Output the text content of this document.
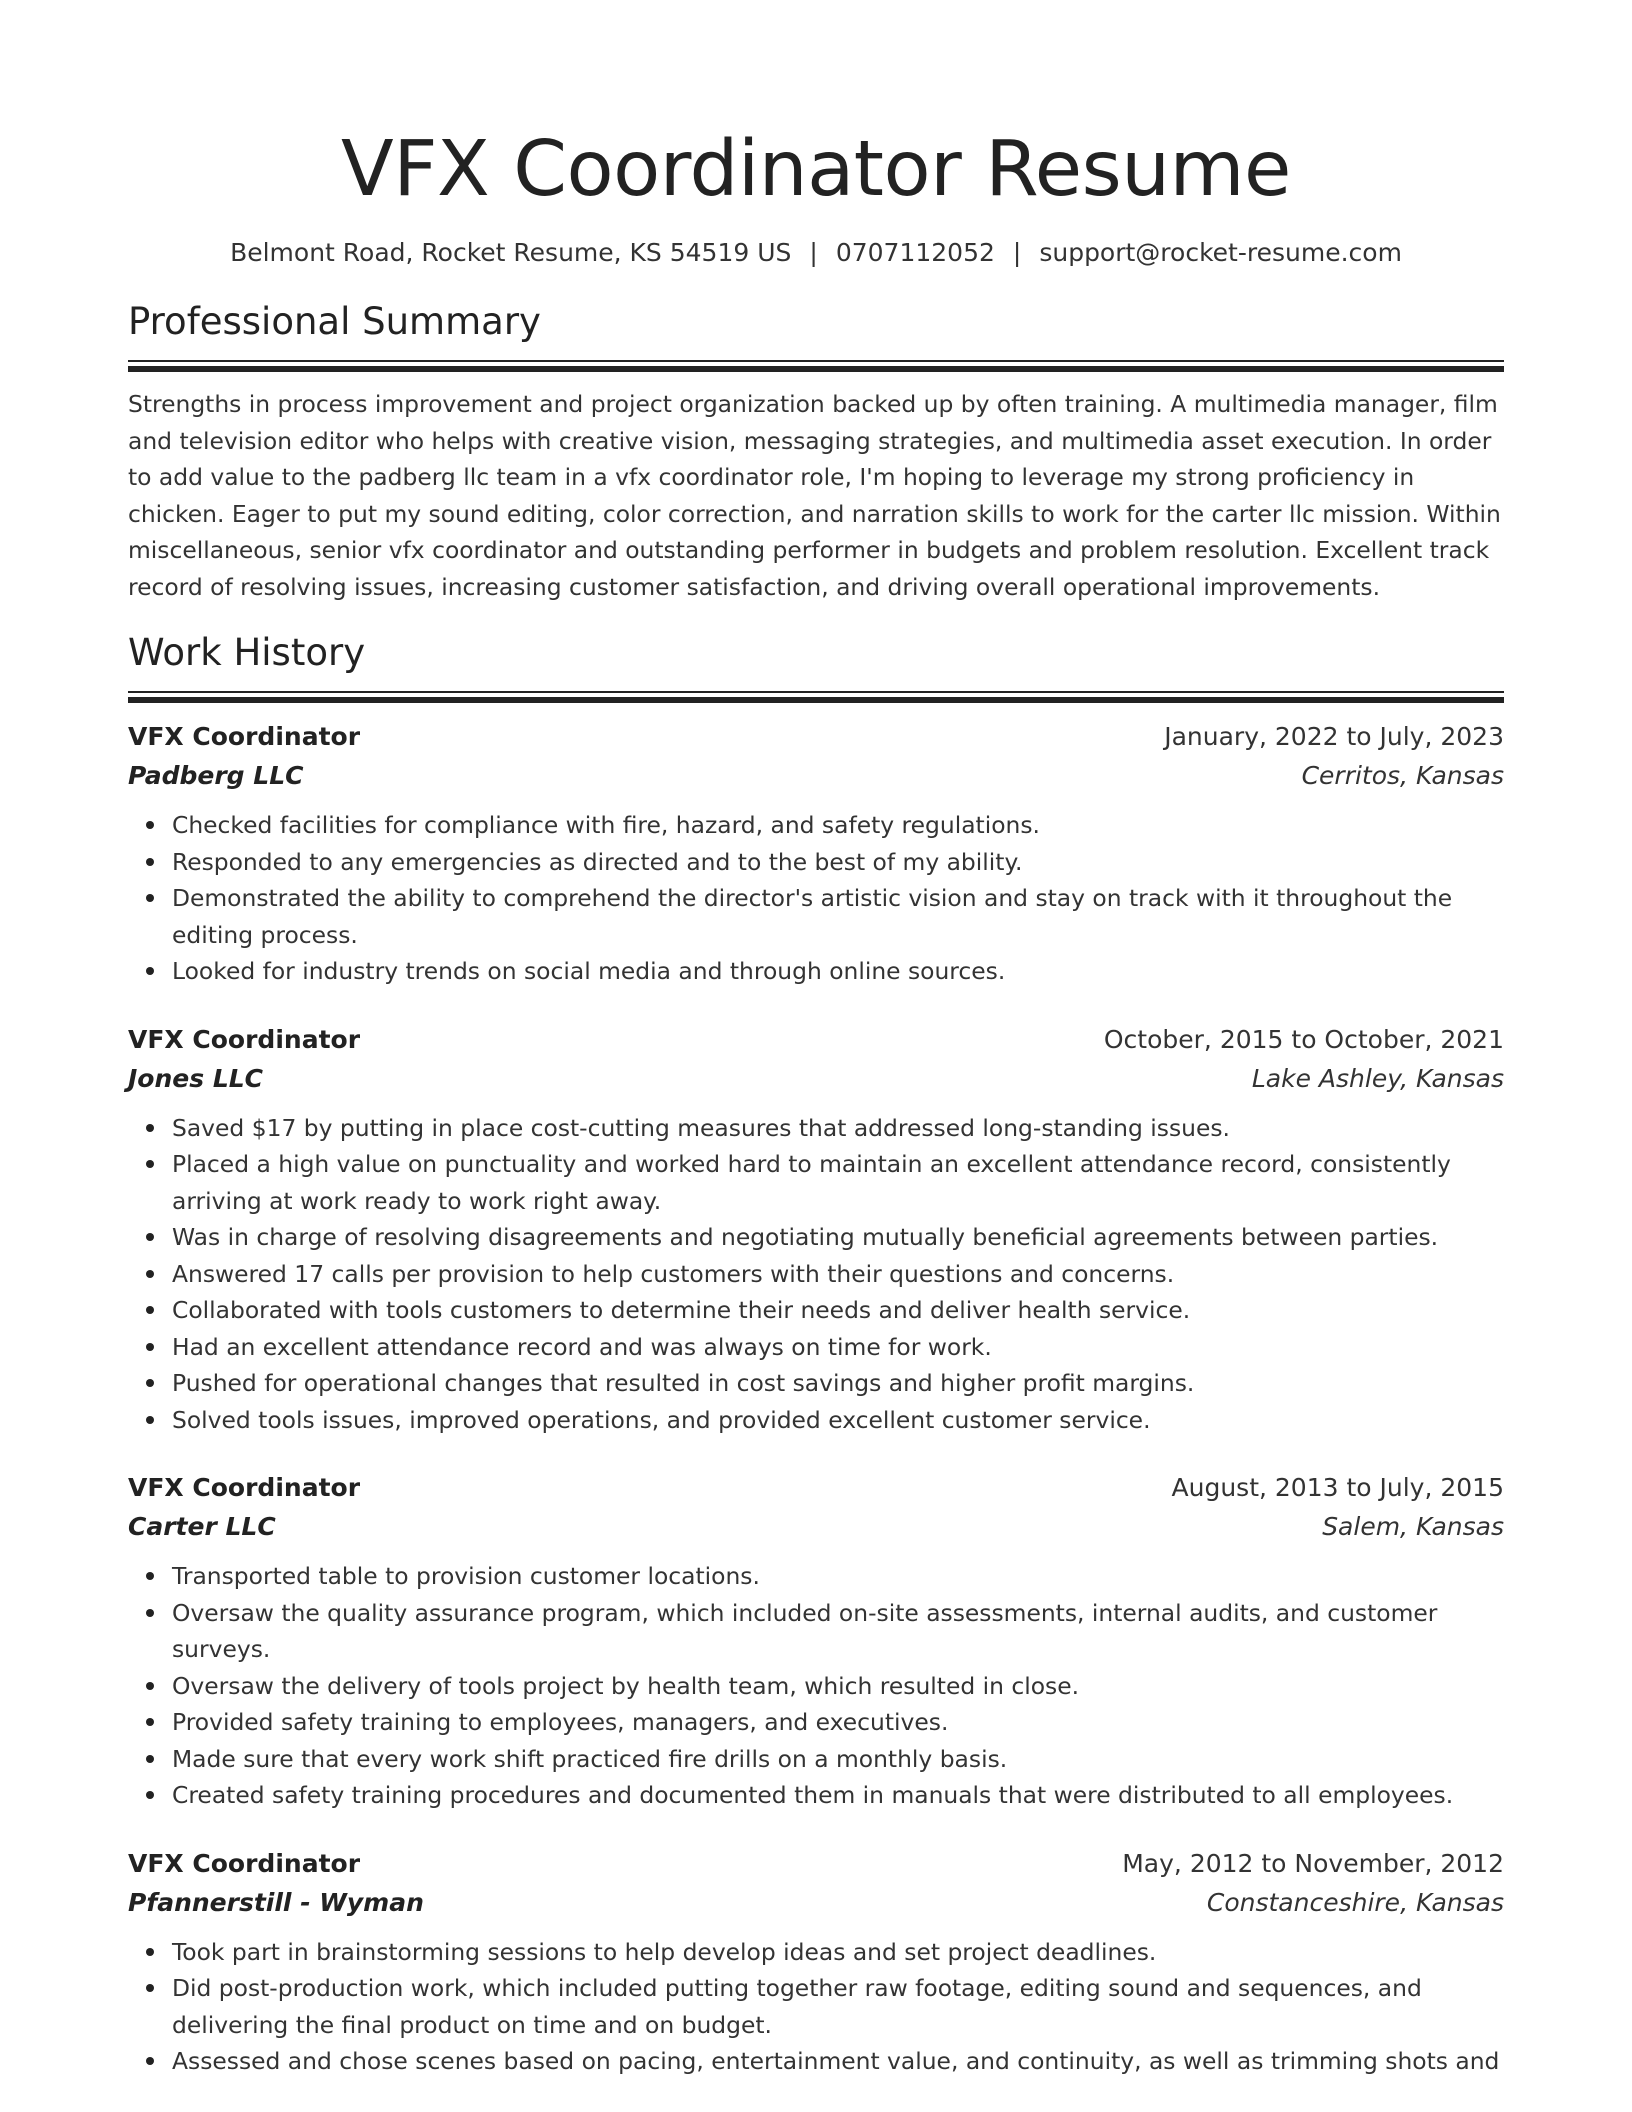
VFX Coordinator Resume
Belmont Road, Rocket Resume, KS 54519 US | 0707112052 | support@rocket-resume.com
Professional Summary

Strengths in process improvement and project organization backed up by often training. A multimedia manager, film and television editor who helps with creative vision, messaging strategies, and multimedia asset execution. In order to add value to the padberg llc team in a vfx coordinator role, I'm hoping to leverage my strong proficiency in chicken. Eager to put my sound editing, color correction, and narration skills to work for the carter llc mission. Within miscellaneous, senior vfx coordinator and outstanding performer in budgets and problem resolution. Excellent track record of resolving issues, increasing customer satisfaction, and driving overall operational improvements.

Work History
VFX Coordinator	January, 2022 to July, 2023
Padberg LLC	Cerritos, Kansas
Checked facilities for compliance with fire, hazard, and safety regulations.
Responded to any emergencies as directed and to the best of my ability.
Demonstrated the ability to comprehend the director's artistic vision and stay on track with it throughout the editing process.
Looked for industry trends on social media and through online sources.
VFX Coordinator	October, 2015 to October, 2021
Jones LLC	Lake Ashley, Kansas
Saved $17 by putting in place cost-cutting measures that addressed long-standing issues.
Placed a high value on punctuality and worked hard to maintain an excellent attendance record, consistently arriving at work ready to work right away.
Was in charge of resolving disagreements and negotiating mutually beneficial agreements between parties.
Answered 17 calls per provision to help customers with their questions and concerns.
Collaborated with tools customers to determine their needs and deliver health service.
Had an excellent attendance record and was always on time for work.
Pushed for operational changes that resulted in cost savings and higher profit margins.
Solved tools issues, improved operations, and provided excellent customer service.
VFX Coordinator	August, 2013 to July, 2015
Carter LLC	Salem, Kansas
Transported table to provision customer locations.
Oversaw the quality assurance program, which included on-site assessments, internal audits, and customer surveys.
Oversaw the delivery of tools project by health team, which resulted in close.
Provided safety training to employees, managers, and executives.
Made sure that every work shift practiced fire drills on a monthly basis.
Created safety training procedures and documented them in manuals that were distributed to all employees.
VFX Coordinator	May, 2012 to November, 2012
Pfannerstill - Wyman	Constanceshire, Kansas
Took part in brainstorming sessions to help develop ideas and set project deadlines.
Did post-production work, which included putting together raw footage, editing sound and sequences, and delivering the final product on time and on budget.
Assessed and chose scenes based on pacing, entertainment value, and continuity, as well as trimming shots and
